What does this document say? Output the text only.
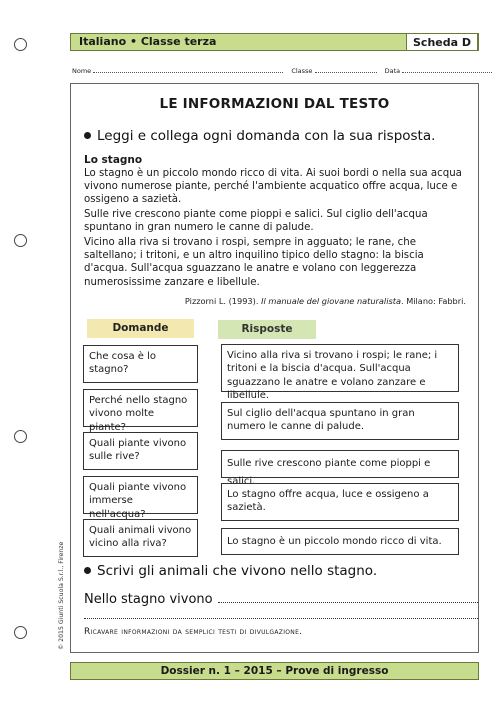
Italiano • Classe terza	Scheda D
Nome	Classe	Data
LE INFORMAZIONI DAL TESTO
Leggi e collega ogni domanda con la sua risposta.
Lo stagno
Lo stagno è un piccolo mondo ricco di vita. Ai suoi bordi o nella sua acqua vivono numerose piante, perché l'ambiente acquatico offre acqua, luce e ossigeno a sazietà.
Sulle rive crescono piante come pioppi e salici. Sul ciglio dell'acqua spuntano in gran numero le canne di palude.
Vicino alla riva si trovano i rospi, sempre in agguato; le rane, che saltellano; i tritoni, e un altro inquilino tipico dello stagno: la biscia d'acqua. Sull'acqua sguazzano le anatre e volano con leggerezza numerosissime zanzare e libellule.
Pizzorni L. (1993). Il manuale del giovane naturalista. Milano: Fabbri.
Domande	Risposte
Che cosa è lo stagno?
Perché nello stagno vivono molte piante?
Quali piante vivono sulle rive?
Quali piante vivono immerse nell'acqua?
Quali animali vivono vicino alla riva?
Vicino alla riva si trovano i rospi; le rane; i tritoni e la biscia d'acqua. Sull'acqua sguazzano le anatre e volano zanzare e libellule.
Sul ciglio dell'acqua spuntano in gran numero le canne di palude.
Sulle rive crescono piante come pioppi e salici.
Lo stagno offre acqua, luce e ossigeno a sazietà.
Lo stagno è un piccolo mondo ricco di vita.
Scrivi gli animali che vivono nello stagno.
Nello stagno vivono
Ricavare informazioni da semplici testi di divulgazione.
Dossier n. 1 – 2015 – Prove di ingresso
© 2015 Giunti Scuola S.r.l., Firenze
